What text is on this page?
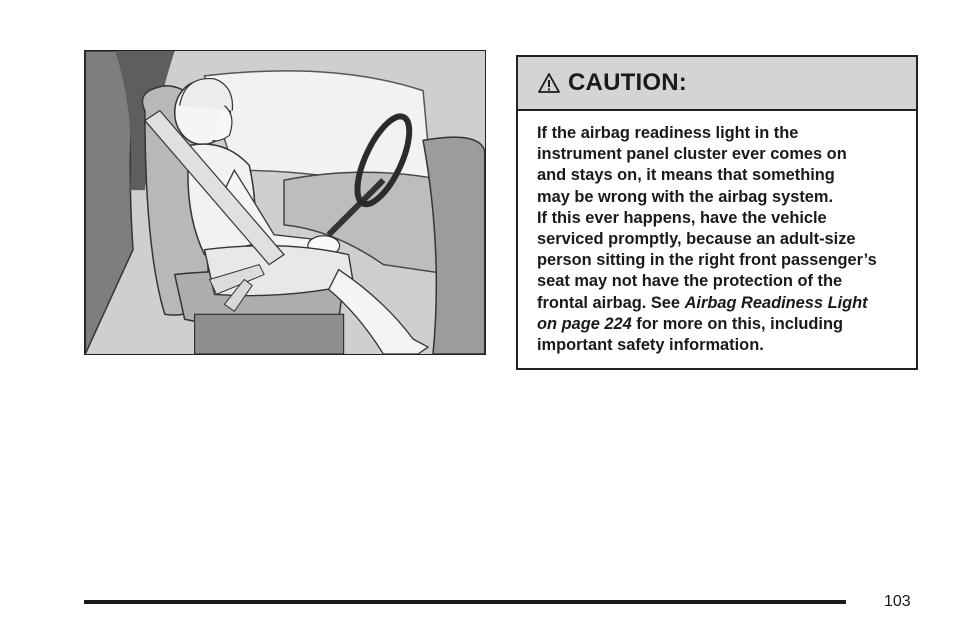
CAUTION:

If the airbag readiness light in the

instrument panel cluster ever comes on

and stays on, it means that something

may be wrong with the airbag system.

If this ever happens, have the vehicle

serviced promptly, because an adult-size

person sitting in the right front passenger’s

seat may not have the protection of the

frontal airbag. See Airbag Readiness Light

on page 224 for more on this, including

important safety information.

103
